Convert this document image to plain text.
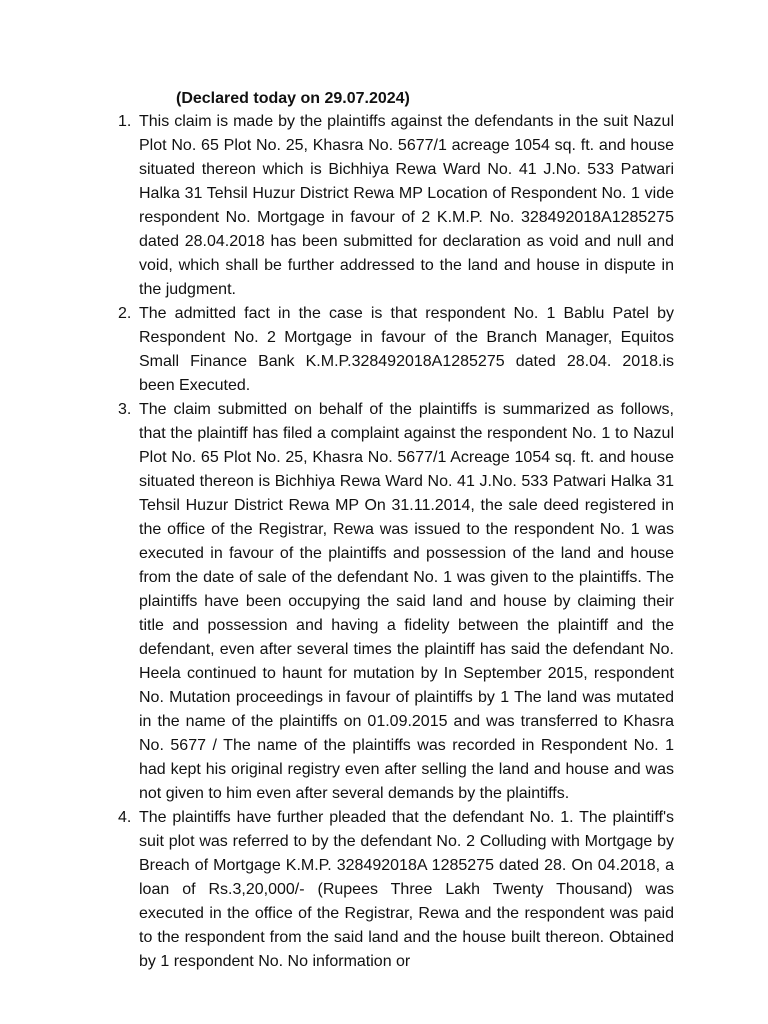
(Declared today on 29.07.2024)
1. This claim is made by the plaintiffs against the defendants in the suit Nazul Plot No. 65 Plot No. 25, Khasra No. 5677/1 acreage 1054 sq. ft. and house situated thereon which is Bichhiya Rewa Ward No. 41 J.No. 533 Patwari Halka 31 Tehsil Huzur District Rewa MP Location of Respondent No. 1 vide respondent No. Mortgage in favour of 2 K.M.P. No. 328492018A1285275 dated 28.04.2018 has been submitted for declaration as void and null and void, which shall be further addressed to the land and house in dispute in the judgment.
2. The admitted fact in the case is that respondent No. 1 Bablu Patel by Respondent No. 2 Mortgage in favour of the Branch Manager, Equitos Small Finance Bank K.M.P.328492018A1285275 dated 28.04. 2018.is been Executed.
3. The claim submitted on behalf of the plaintiffs is summarized as follows, that the plaintiff has filed a complaint against the respondent No. 1 to Nazul Plot No. 65 Plot No. 25, Khasra No. 5677/1 Acreage 1054 sq. ft. and house situated thereon is Bichhiya Rewa Ward No. 41 J.No. 533 Patwari Halka 31 Tehsil Huzur District Rewa MP On 31.11.2014, the sale deed registered in the office of the Registrar, Rewa was issued to the respondent No. 1 was executed in favour of the plaintiffs and possession of the land and house from the date of sale of the defendant No. 1 was given to the plaintiffs. The plaintiffs have been occupying the said land and house by claiming their title and possession and having a fidelity between the plaintiff and the defendant, even after several times the plaintiff has said the defendant No. Heela continued to haunt for mutation by In September 2015, respondent No. Mutation proceedings in favour of plaintiffs by 1 The land was mutated in the name of the plaintiffs on 01.09.2015 and was transferred to Khasra No. 5677 / The name of the plaintiffs was recorded in Respondent No. 1 had kept his original registry even after selling the land and house and was not given to him even after several demands by the plaintiffs.
4. The plaintiffs have further pleaded that the defendant No. 1. The plaintiff's suit plot was referred to by the defendant No. 2 Colluding with Mortgage by Breach of Mortgage K.M.P. 328492018A 1285275 dated 28. On 04.2018, a loan of Rs.3,20,000/- (Rupees Three Lakh Twenty Thousand) was executed in the office of the Registrar, Rewa and the respondent was paid to the respondent from the said land and the house built thereon. Obtained by 1 respondent No. No information or
